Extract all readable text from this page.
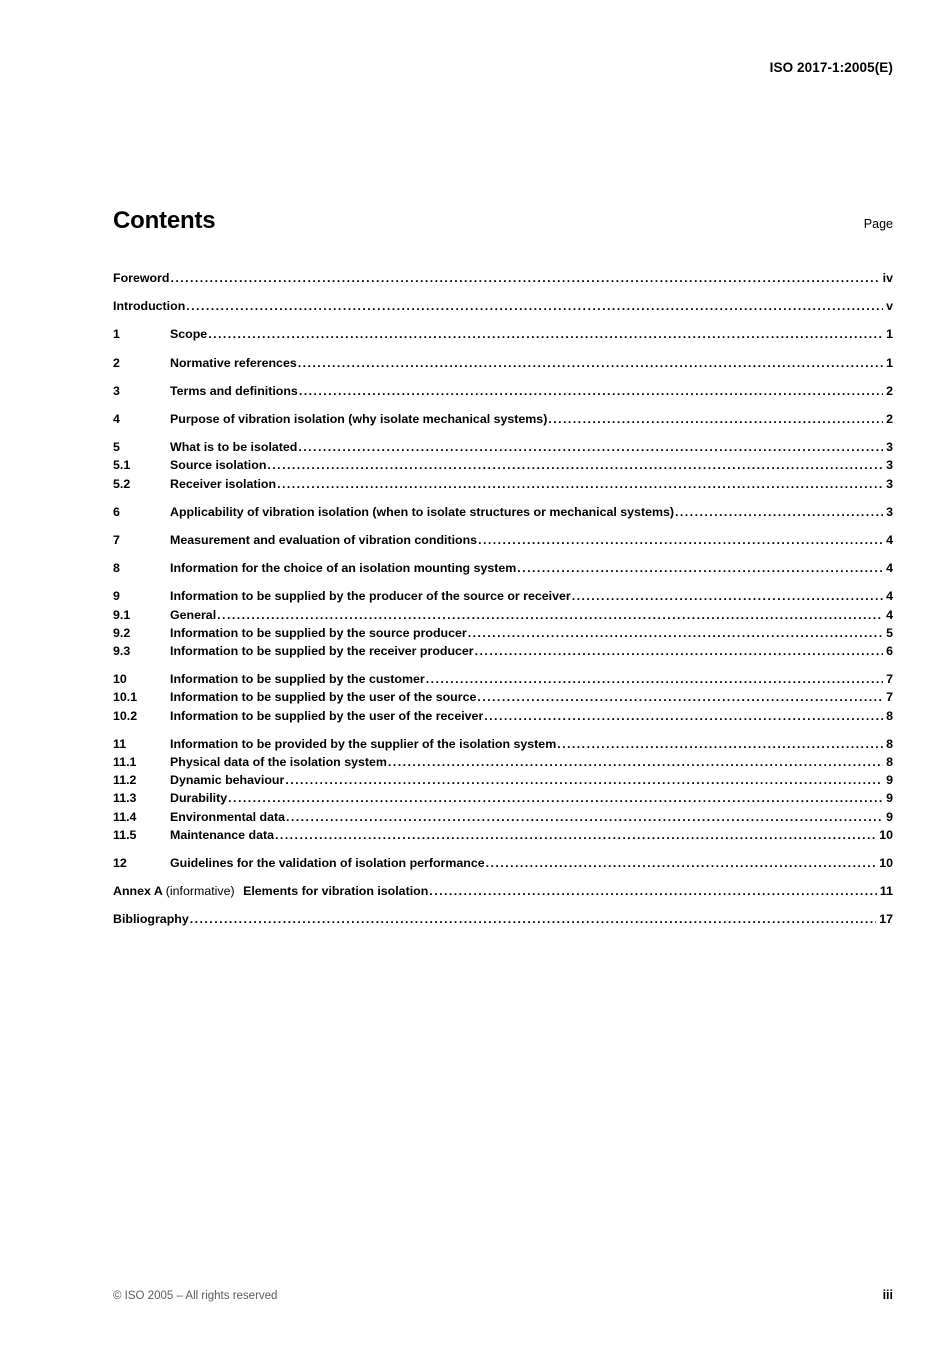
ISO 2017-1:2005(E)
Contents	Page
Foreword .....	iv
Introduction .....	v
1	Scope .....	1
2	Normative references .....	1
3	Terms and definitions .....	2
4	Purpose of vibration isolation (why isolate mechanical systems) .....	2
5	What is to be isolated .....	3
5.1	Source isolation .....	3
5.2	Receiver isolation .....	3
6	Applicability of vibration isolation (when to isolate structures or mechanical systems) .....	3
7	Measurement and evaluation of vibration conditions .....	4
8	Information for the choice of an isolation mounting system .....	4
9	Information to be supplied by the producer of the source or receiver .....	4
9.1	General .....	4
9.2	Information to be supplied by the source producer .....	5
9.3	Information to be supplied by the receiver producer .....	6
10	Information to be supplied by the customer .....	7
10.1	Information to be supplied by the user of the source .....	7
10.2	Information to be supplied by the user of the receiver .....	8
11	Information to be provided by the supplier of the isolation system .....	8
11.1	Physical data of the isolation system .....	8
11.2	Dynamic behaviour .....	9
11.3	Durability .....	9
11.4	Environmental data .....	9
11.5	Maintenance data .....	10
12	Guidelines for the validation of isolation performance .....	10
Annex A (informative) Elements for vibration isolation .....	11
Bibliography .....	17
© ISO 2005 – All rights reserved	iii
